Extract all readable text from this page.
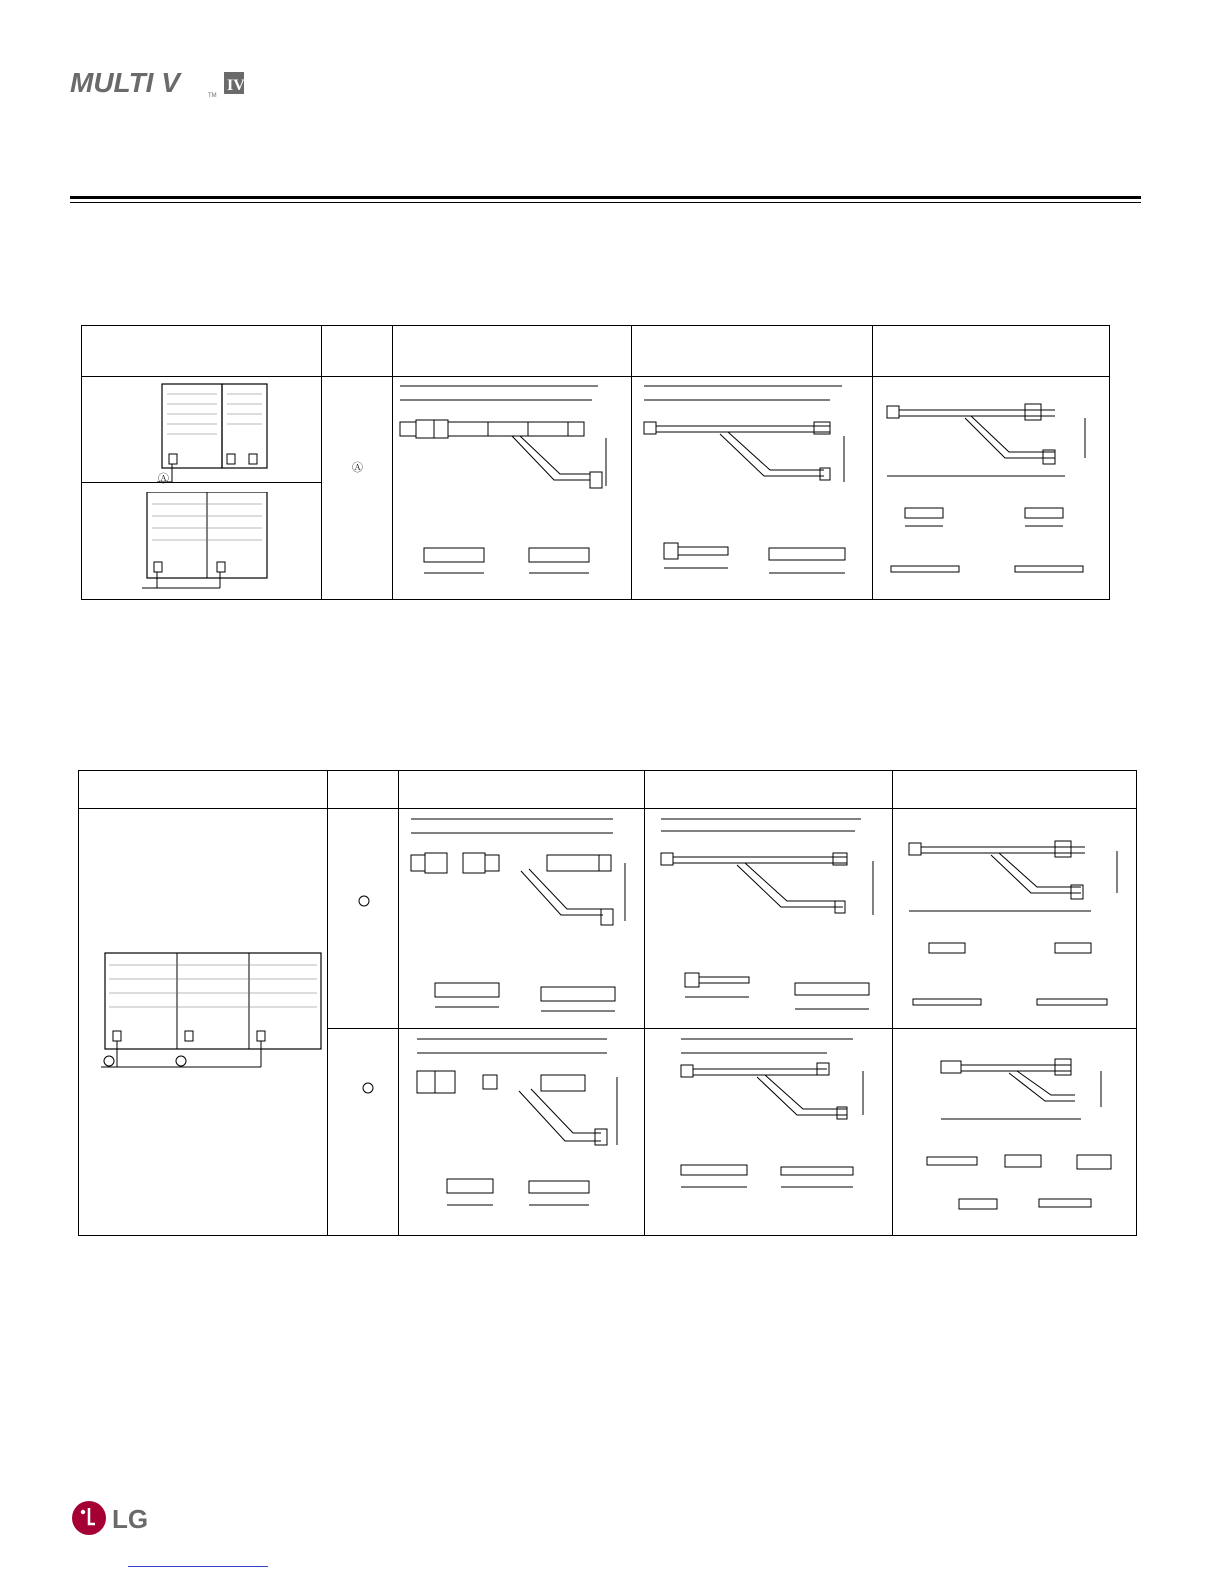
MULTI V	TM
IV
Ⓐ
Ⓐ
LG
